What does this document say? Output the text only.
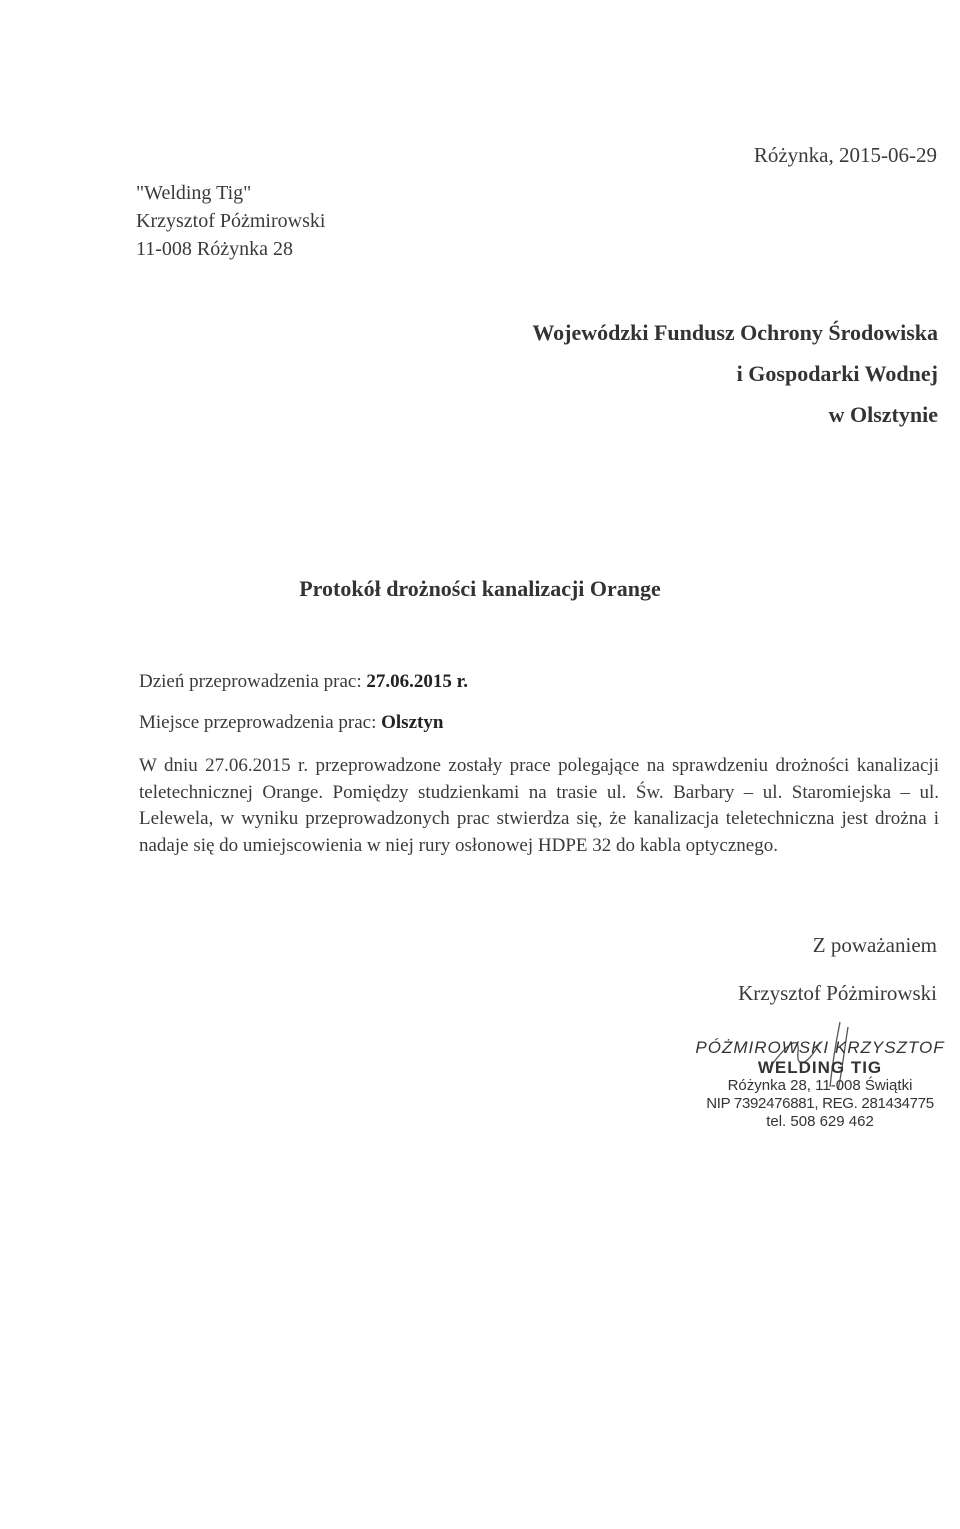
Różynka, 2015-06-29
"Welding Tig"
Krzysztof Póżmirowski
11-008 Różynka 28
Wojewódzki Fundusz Ochrony Środowiska
i Gospodarki Wodnej
w Olsztynie
Protokół drożności kanalizacji Orange
Dzień przeprowadzenia prac: 27.06.2015 r.
Miejsce przeprowadzenia prac: Olsztyn
W dniu 27.06.2015 r. przeprowadzone zostały prace polegające na sprawdzeniu drożności kanalizacji teletechnicznej Orange. Pomiędzy studzienkami na trasie ul. Św. Barbary – ul. Staromiejska – ul. Lelewela, w wyniku przeprowadzonych prac stwierdza się, że kanalizacja teletechniczna jest drożna i nadaje się do umiejscowienia w niej rury osłonowej HDPE 32 do kabla optycznego.
Z poważaniem
Krzysztof Póżmirowski
PÓŻMIROWSKI KRZYSZTOF
WELDING TIG
Różynka 28, 11-008 Świątki
NIP 7392476881, REG. 281434775
tel. 508 629 462
